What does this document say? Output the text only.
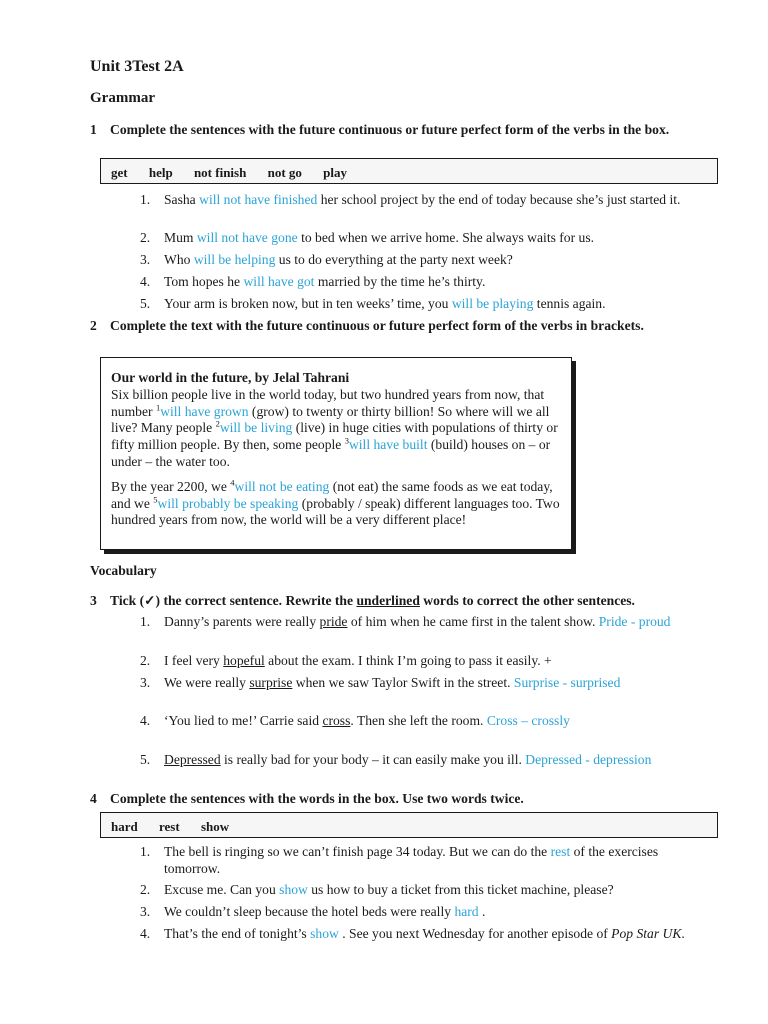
Unit 3Test 2A
Grammar
1 Complete the sentences with the future continuous or future perfect form of the verbs in the box.
get help not finish not go play
1. Sasha will not have finished her school project by the end of today because she’s just started it.
2. Mum will not have gone to bed when we arrive home. She always waits for us.
3. Who will be helping us to do everything at the party next week?
4. Tom hopes he will have got married by the time he’s thirty.
5. Your arm is broken now, but in ten weeks’ time, you will be playing tennis again.
2 Complete the text with the future continuous or future perfect form of the verbs in brackets.
Our world in the future, by Jelal Tahrani

Six billion people live in the world today, but two hundred years from now, that number $^1$will have grown (grow) to twenty or thirty billion! So where will we all live? Many people $^2$will be living (live) in huge cities with populations of thirty or fifty million people. By then, some people $^3$will have built (build) houses on – or under – the water too.

By the year 2200, we $^4$will not be eating (not eat) the same foods as we eat today, and we $^5$will probably be speaking (probably / speak) different languages too. Two hundred years from now, the world will be a very different place!

Vocabulary
3 Tick (✓) the correct sentence. Rewrite the underlined words to correct the other sentences.
1. Danny’s parents were really pride of him when he came first in the talent show. Pride - proud
2. I feel very hopeful about the exam. I think I’m going to pass it easily. +
3. We were really surprise when we saw Taylor Swift in the street. Surprise - surprised
4. ‘You lied to me!’ Carrie said cross. Then she left the room. Cross – crossly
5. Depressed is really bad for your body – it can easily make you ill. Depressed - depression
4 Complete the sentences with the words in the box. Use two words twice.
hard rest show
1. The bell is ringing so we can’t finish page 34 today. But we can do the rest of the exercises tomorrow.
2. Excuse me. Can you show us how to buy a ticket from this ticket machine, please?
3. We couldn’t sleep because the hotel beds were really hard .
4. That’s the end of tonight’s show . See you next Wednesday for another episode of Pop Star UK.
